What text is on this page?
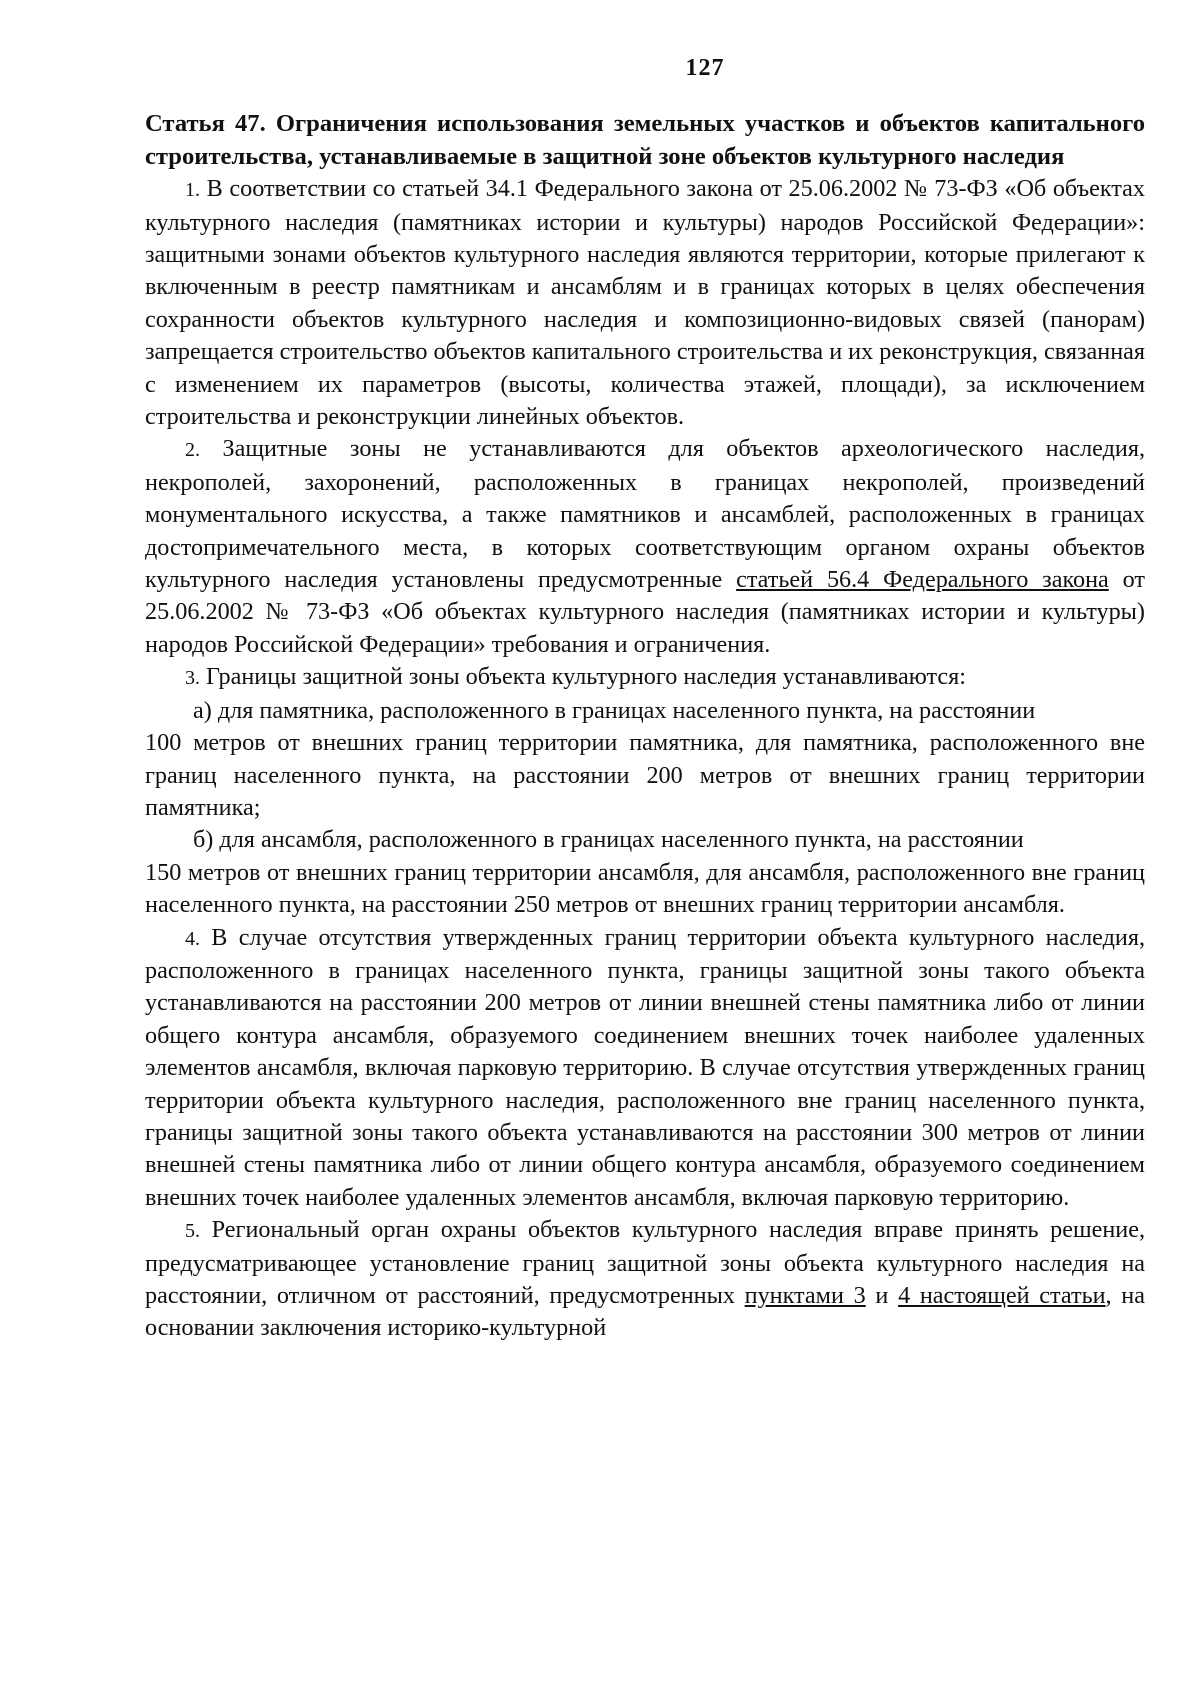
127

Статья 47. Ограничения использования земельных участков и объектов капитального строительства, устанавливаемые в защитной зоне объектов культурного наследия

1. В соответствии со статьей 34.1 Федерального закона от 25.06.2002 № 73-ФЗ «Об объектах культурного наследия (памятниках истории и культуры) народов Российской Федерации»: защитными зонами объектов культурного наследия являются территории, которые прилегают к включенным в реестр памятникам и ансамблям и в границах которых в целях обеспечения сохранности объектов культурного наследия и композиционно-видовых связей (панорам) запрещается строительство объектов капитального строительства и их реконструкция, связанная с изменением их параметров (высоты, количества этажей, площади), за исключением строительства и реконструкции линейных объектов.

2. Защитные зоны не устанавливаются для объектов археологического наследия, некрополей, захоронений, расположенных в границах некрополей, произведений монументального искусства, а также памятников и ансамблей, расположенных в границах достопримечательного места, в которых соответствующим органом охраны объектов культурного наследия установлены предусмотренные статьей 56.4 Федерального закона от 25.06.2002 № 73-ФЗ «Об объектах культурного наследия (памятниках истории и культуры) народов Российской Федерации» требования и ограничения.

3. Границы защитной зоны объекта культурного наследия устанавливаются:

а) для памятника, расположенного в границах населенного пункта, на расстоянии

100 метров от внешних границ территории памятника, для памятника, расположенного вне границ населенного пункта, на расстоянии 200 метров от внешних границ территории памятника;

б) для ансамбля, расположенного в границах населенного пункта, на расстоянии

150 метров от внешних границ территории ансамбля, для ансамбля, расположенного вне границ населенного пункта, на расстоянии 250 метров от внешних границ территории ансамбля.

4. В случае отсутствия утвержденных границ территории объекта культурного наследия, расположенного в границах населенного пункта, границы защитной зоны такого объекта устанавливаются на расстоянии 200 метров от линии внешней стены памятника либо от линии общего контура ансамбля, образуемого соединением внешних точек наиболее удаленных элементов ансамбля, включая парковую территорию. В случае отсутствия утвержденных границ территории объекта культурного наследия, расположенного вне границ населенного пункта, границы защитной зоны такого объекта устанавливаются на расстоянии 300 метров от линии внешней стены памятника либо от линии общего контура ансамбля, образуемого соединением внешних точек наиболее удаленных элементов ансамбля, включая парковую территорию.

5. Региональный орган охраны объектов культурного наследия вправе принять решение, предусматривающее установление границ защитной зоны объекта культурного наследия на расстоянии, отличном от расстояний, предусмотренных пунктами 3 и 4 настоящей статьи, на основании заключения историко-культурной
